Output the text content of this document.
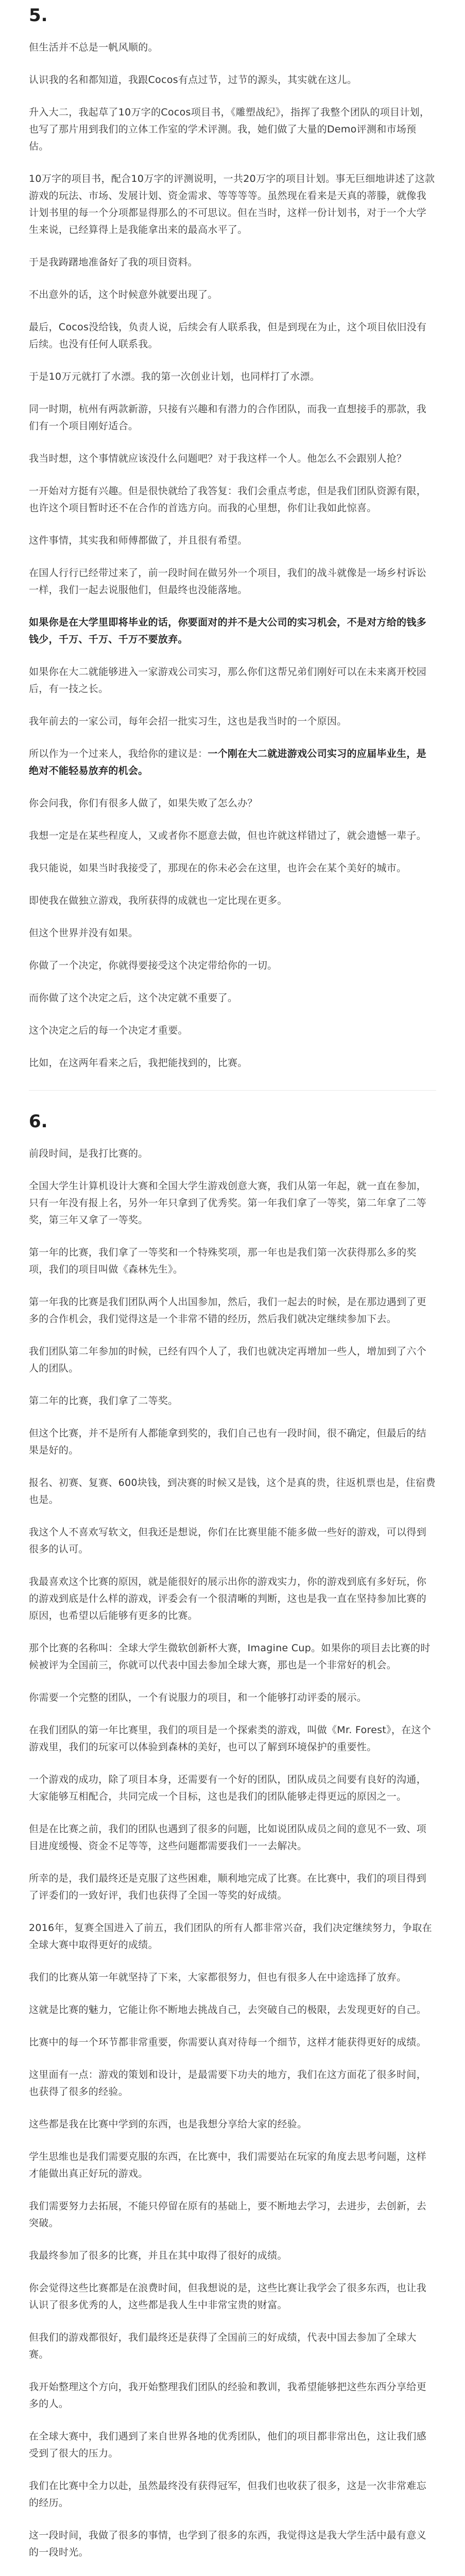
5.

但生活并不总是一帆风顺的。

认识我的名和都知道，我跟Cocos有点过节，过节的源头，其实就在这儿。

升入大二，我起草了10万字的Cocos项目书，《雕塑战纪》，指挥了我整个团队的项目计划，也写了那片用到我们的立体工作室的学术评测。我，她们做了大量的Demo评测和市场预估。

10万字的项目书，配合10万字的评测说明，一共20万字的项目计划。事无巨细地讲述了这款游戏的玩法、市场、发展计划、资金需求、等等等等。虽然现在看来是天真的蒂滕，就像我计划书里的每一个分项都显得那么的不可思议。但在当时，这样一份计划书，对于一个大学生来说，已经算得上是我能拿出来的最高水平了。

于是我踌躇地准备好了我的项目资料。

不出意外的话，这个时候意外就要出现了。

最后，Cocos没给钱，负责人说，后续会有人联系我，但是到现在为止，这个项目依旧没有后续。也没有任何人联系我。

于是10万元就打了水漂。我的第一次创业计划，也同样打了水漂。

同一时期，杭州有两款新游，只接有兴趣和有潜力的合作团队，而我一直想接手的那款，我们有一个项目刚好适合。

我当时想，这个事情就应该没什么问题吧？对于我这样一个人。他怎么不会跟别人抢？

一开始对方挺有兴趣。但是很快就给了我答复：我们会重点考虑，但是我们团队资源有限，也许这个项目暂时还不在合作的首选方向。而我的心里想，你们让我如此惊喜。

这件事情，其实我和师傅都做了，并且很有希望。

在国人行行已经带过来了，前一段时间在做另外一个项目，我们的战斗就像是一场乡村诉讼一样，我们一起去说服他们，但最终也没能落地。

如果你是在大学里即将毕业的话，你要面对的并不是大公司的实习机会，不是对方给的钱多钱少，千万、千万、千万不要放弃。

如果你在大二就能够进入一家游戏公司实习，那么你们这帮兄弟们刚好可以在未来离开校园后，有一技之长。

我年前去的一家公司，每年会招一批实习生，这也是我当时的一个原因。

所以作为一个过来人，我给你的建议是：一个刚在大二就进游戏公司实习的应届毕业生，是绝对不能轻易放弃的机会。

你会问我，你们有很多人做了，如果失败了怎么办？

我想一定是在某些程度人，又或者你不愿意去做，但也许就这样错过了，就会遗憾一辈子。

我只能说，如果当时我接受了，那现在的你未必会在这里，也许会在某个美好的城市。

即使我在做独立游戏，我所获得的成就也一定比现在更多。

但这个世界并没有如果。

你做了一个决定，你就得要接受这个决定带给你的一切。

而你做了这个决定之后，这个决定就不重要了。

这个决定之后的每一个决定才重要。

比如，在这两年看来之后，我把能找到的，比赛。

6.

前段时间，是我打比赛的。

全国大学生计算机设计大赛和全国大学生游戏创意大赛，我们从第一年起，就一直在参加，只有一年没有报上名，另外一年只拿到了优秀奖。第一年我们拿了一等奖，第二年拿了二等奖，第三年又拿了一等奖。

第一年的比赛，我们拿了一等奖和一个特殊奖项，那一年也是我们第一次获得那么多的奖项，我们的项目叫做《森林先生》。

第一年我的比赛是我们团队两个人出国参加，然后，我们一起去的时候，是在那边遇到了更多的合作机会，我们觉得这是一个非常不错的经历，然后我们就决定继续参加下去。

我们团队第二年参加的时候，已经有四个人了，我们也就决定再增加一些人，增加到了六个人的团队。

第二年的比赛，我们拿了二等奖。

但这个比赛，并不是所有人都能拿到奖的，我们自己也有一段时间，很不确定，但最后的结果是好的。

报名、初赛、复赛、600块钱，到决赛的时候又是钱，这个是真的贵，往返机票也是，住宿费也是。

我这个人不喜欢写软文，但我还是想说，你们在比赛里能不能多做一些好的游戏，可以得到很多的认可。

我最喜欢这个比赛的原因，就是能很好的展示出你的游戏实力，你的游戏到底有多好玩，你的游戏到底是什么样的游戏，评委会有一个很清晰的判断，这也是我一直在坚持参加比赛的原因，也希望以后能够有更多的比赛。

那个比赛的名称叫：全球大学生微软创新杯大赛，Imagine Cup。如果你的项目去比赛的时候被评为全国前三，你就可以代表中国去参加全球大赛，那也是一个非常好的机会。

你需要一个完整的团队，一个有说服力的项目，和一个能够打动评委的展示。

在我们团队的第一年比赛里，我们的项目是一个探索类的游戏，叫做《Mr. Forest》，在这个游戏里，我们的玩家可以体验到森林的美好，也可以了解到环境保护的重要性。

一个游戏的成功，除了项目本身，还需要有一个好的团队，团队成员之间要有良好的沟通，大家能够互相配合，共同完成一个目标，这也是我们的团队能够走得更远的原因之一。

但是在比赛之前，我们的团队也遇到了很多的问题，比如说团队成员之间的意见不一致、项目进度缓慢、资金不足等等，这些问题都需要我们一一去解决。

所幸的是，我们最终还是克服了这些困难，顺利地完成了比赛。在比赛中，我们的项目得到了评委们的一致好评，我们也获得了全国一等奖的好成绩。

2016年，复赛全国进入了前五，我们团队的所有人都非常兴奋，我们决定继续努力，争取在全球大赛中取得更好的成绩。

我们的比赛从第一年就坚持了下来，大家都很努力，但也有很多人在中途选择了放弃。

这就是比赛的魅力，它能让你不断地去挑战自己，去突破自己的极限，去发现更好的自己。

比赛中的每一个环节都非常重要，你需要认真对待每一个细节，这样才能获得更好的成绩。

这里面有一点：游戏的策划和设计，是最需要下功夫的地方，我们在这方面花了很多时间，也获得了很多的经验。

这些都是我在比赛中学到的东西，也是我想分享给大家的经验。

学生思维也是我们需要克服的东西，在比赛中，我们需要站在玩家的角度去思考问题，这样才能做出真正好玩的游戏。

我们需要努力去拓展，不能只停留在原有的基础上，要不断地去学习，去进步，去创新，去突破。

我最终参加了很多的比赛，并且在其中取得了很好的成绩。

你会觉得这些比赛都是在浪费时间，但我想说的是，这些比赛让我学会了很多东西，也让我认识了很多优秀的人，这些都是我人生中非常宝贵的财富。

但我们的游戏都很好，我们最终还是获得了全国前三的好成绩，代表中国去参加了全球大赛。

我开始整理这个方向，我开始整理我们团队的经验和教训，我希望能够把这些东西分享给更多的人。

在全球大赛中，我们遇到了来自世界各地的优秀团队，他们的项目都非常出色，这让我们感受到了很大的压力。

我们在比赛中全力以赴，虽然最终没有获得冠军，但我们也收获了很多，这是一次非常难忘的经历。

这一段时间，我做了很多的事情，也学到了很多的东西，我觉得这是我大学生活中最有意义的一段时光。
